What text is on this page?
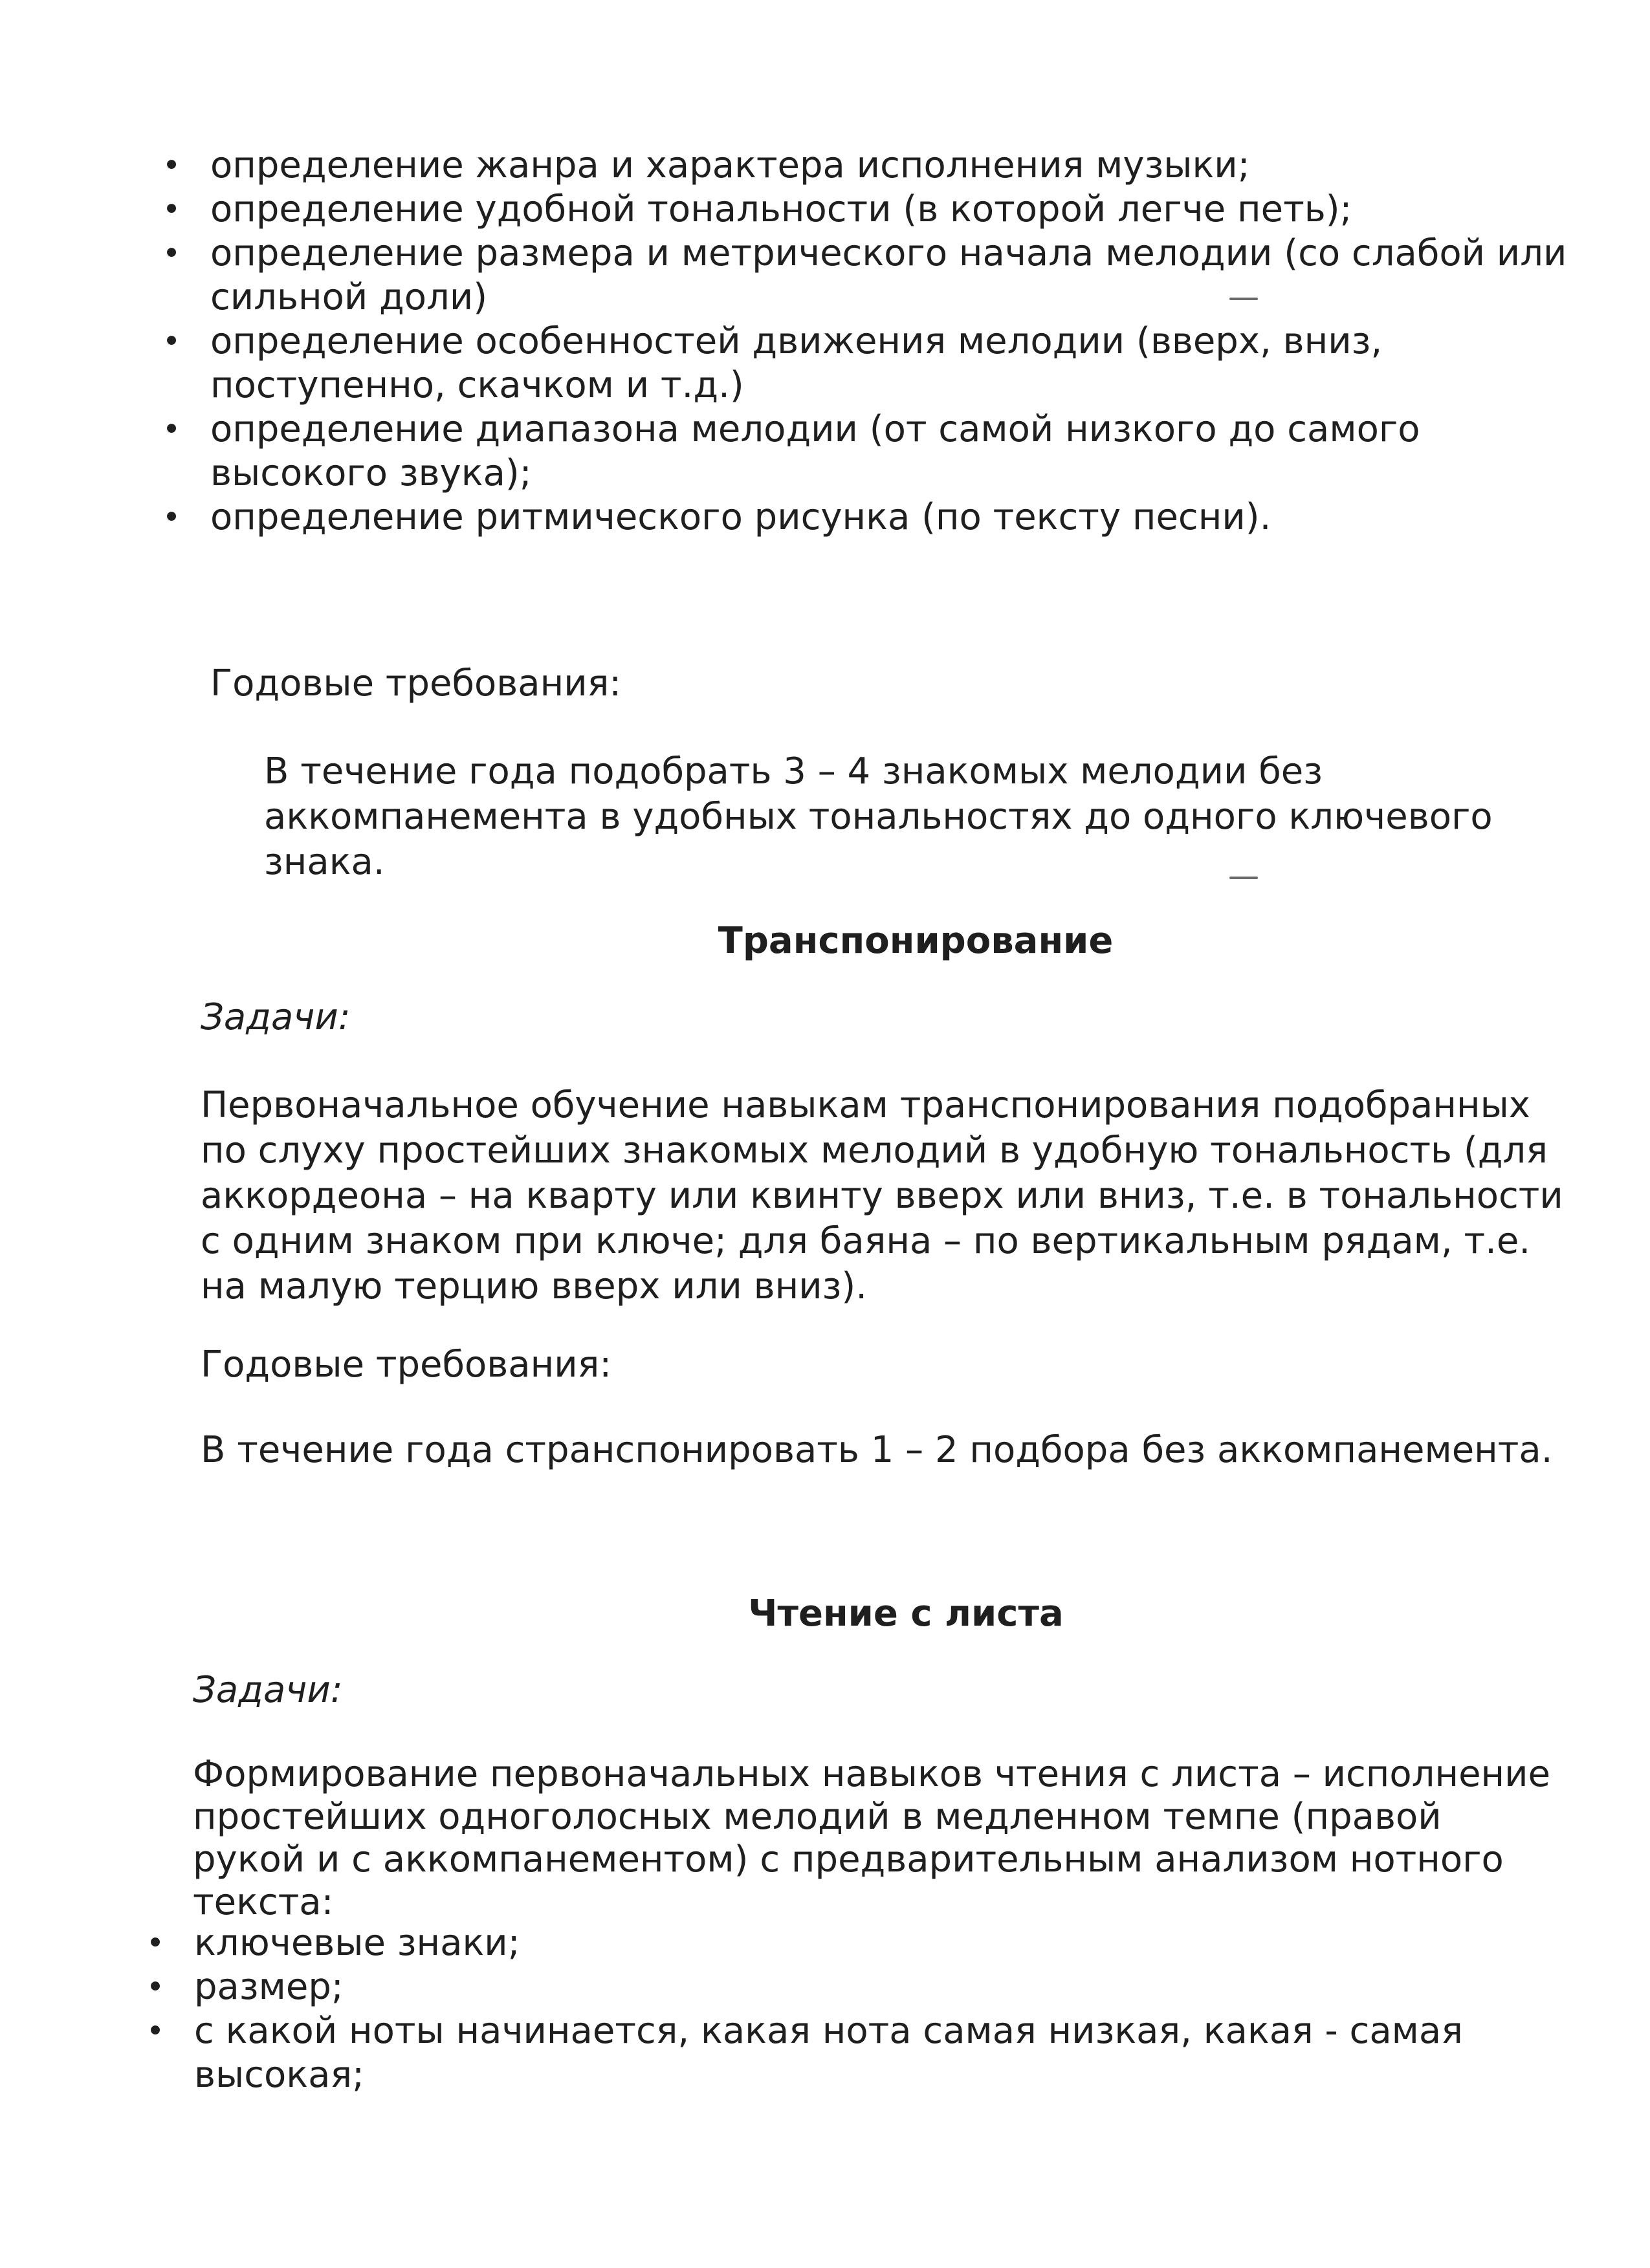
• определение жанра и характера исполнения музыки;
• определение удобной тональности (в которой легче петь);
• определение размера и метрического начала мелодии (со слабой или сильной доли)
• определение особенностей движения мелодии (вверх, вниз, поступенно, скачком и т.д.)
• определение диапазона мелодии (от самой низкого до самого высокого звука);
• определение ритмического рисунка (по тексту песни).

Годовые требования:

В течение года подобрать 3 – 4 знакомых мелодии без аккомпанемента в удобных тональностях до одного ключевого знака.

Транспонирование

Задачи:

Первоначальное обучение навыкам транспонирования подобранных по слуху простейших знакомых мелодий в удобную тональность (для аккордеона – на кварту или квинту вверх или вниз, т.е. в тональности с одним знаком при ключе; для баяна – по вертикальным рядам, т.е. на малую терцию вверх или вниз).

Годовые требования:

В течение года странспонировать 1 – 2 подбора без аккомпанемента.

Чтение с листа

Задачи:

Формирование первоначальных навыков чтения с листа – исполнение простейших одноголосных мелодий в медленном темпе (правой рукой и с аккомпанементом) с предварительным анализом нотного текста:

• ключевые знаки;
• размер;
• с какой ноты начинается, какая нота самая низкая, какая - самая высокая;
